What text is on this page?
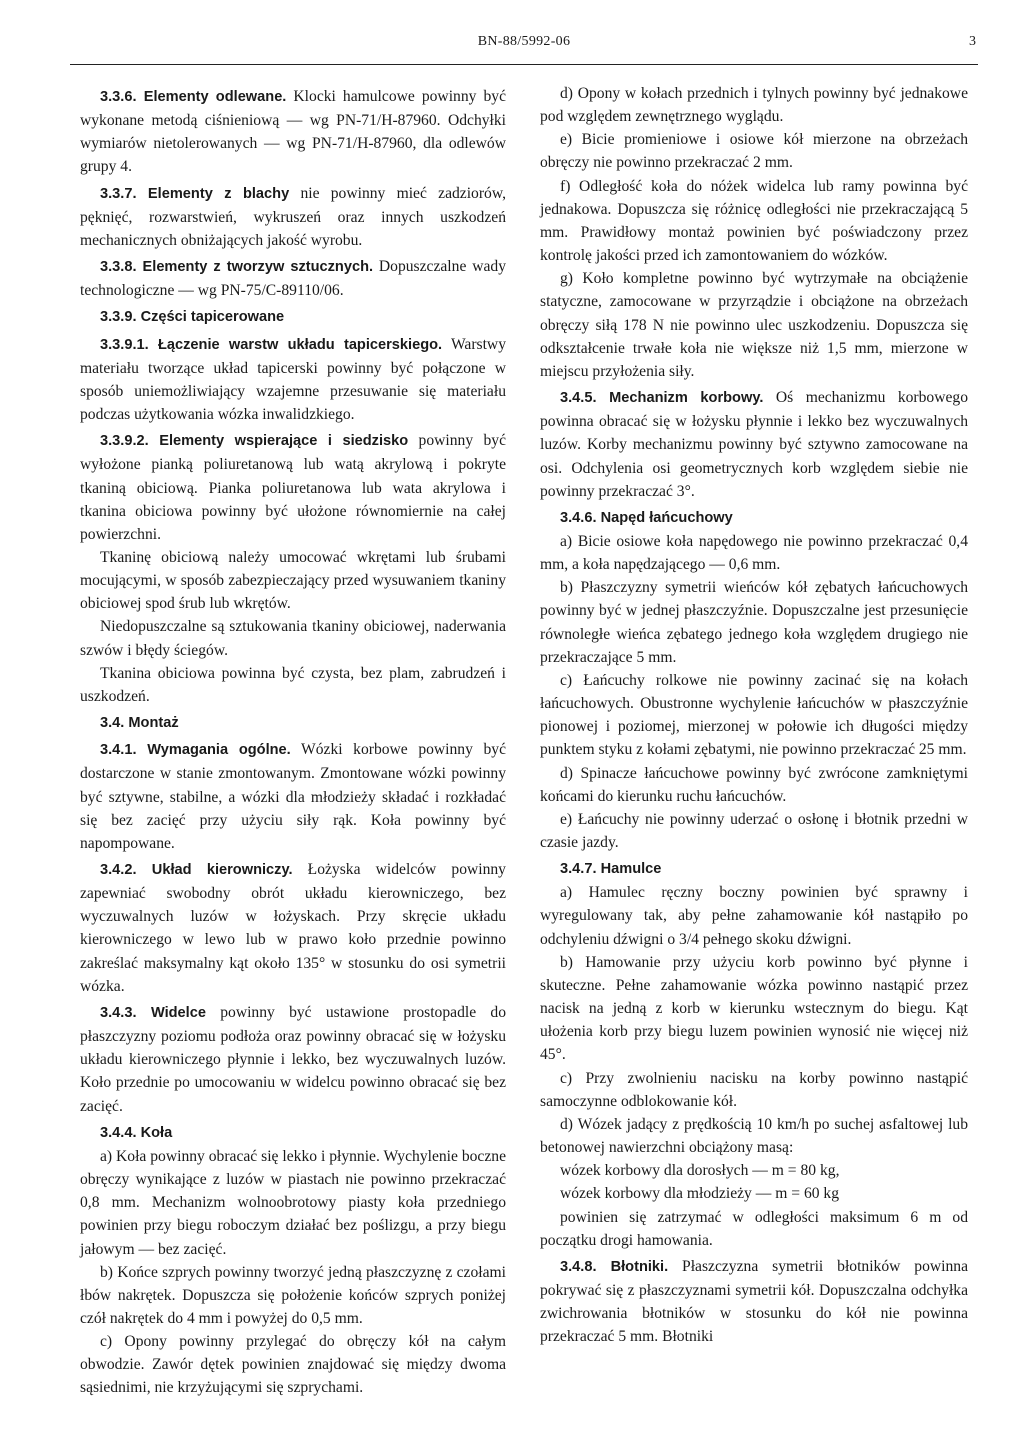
BN-88/5992-06	3

3.3.6. Elementy odlewane. Klocki hamulcowe powinny być wykonane metodą ciśnieniową — wg PN-71/H-87960. Odchyłki wymiarów nietolerowanych — wg PN-71/H-87960, dla odlewów grupy 4.

3.3.7. Elementy z blachy nie powinny mieć zadziorów, pęknięć, rozwarstwień, wykruszeń oraz innych uszkodzeń mechanicznych obniżających jakość wyrobu.

3.3.8. Elementy z tworzyw sztucznych. Dopuszczalne wady technologiczne — wg PN-75/C-89110/06.

3.3.9. Części tapicerowane

3.3.9.1. Łączenie warstw układu tapicerskiego. Warstwy materiału tworzące układ tapicerski powinny być połączone w sposób uniemożliwiający wzajemne przesuwanie się materiału podczas użytkowania wózka inwalidzkiego.

3.3.9.2. Elementy wspierające i siedzisko powinny być wyłożone pianką poliuretanową lub watą akrylową i pokryte tkaniną obiciową. Pianka poliuretanowa lub wata akrylowa i tkanina obiciowa powinny być ułożone równomiernie na całej powierzchni.

Tkaninę obiciową należy umocować wkrętami lub śrubami mocującymi, w sposób zabezpieczający przed wysuwaniem tkaniny obiciowej spod śrub lub wkrętów.

Niedopuszczalne są sztukowania tkaniny obiciowej, naderwania szwów i błędy ściegów.

Tkanina obiciowa powinna być czysta, bez plam, zabrudzeń i uszkodzeń.

3.4. Montaż

3.4.1. Wymagania ogólne. Wózki korbowe powinny być dostarczone w stanie zmontowanym. Zmontowane wózki powinny być sztywne, stabilne, a wózki dla młodzieży składać i rozkładać się bez zacięć przy użyciu siły rąk. Koła powinny być napompowane.

3.4.2. Układ kierowniczy. Łożyska widelców powinny zapewniać swobodny obrót układu kierowniczego, bez wyczuwalnych luzów w łożyskach. Przy skręcie układu kierowniczego w lewo lub w prawo koło przednie powinno zakreślać maksymalny kąt około 135° w stosunku do osi symetrii wózka.

3.4.3. Widelce powinny być ustawione prostopadle do płaszczyzny poziomu podłoża oraz powinny obracać się w łożysku układu kierowniczego płynnie i lekko, bez wyczuwalnych luzów. Koło przednie po umocowaniu w widelcu powinno obracać się bez zacięć.

3.4.4. Koła

a) Koła powinny obracać się lekko i płynnie. Wychylenie boczne obręczy wynikające z luzów w piastach nie powinno przekraczać 0,8 mm. Mechanizm wolnoobrotowy piasty koła przedniego powinien przy biegu roboczym działać bez poślizgu, a przy biegu jałowym — bez zacięć.

b) Końce szprych powinny tworzyć jedną płaszczyznę z czołami łbów nakrętek. Dopuszcza się położenie końców szprych poniżej czół nakrętek do 4 mm i powyżej do 0,5 mm.

c) Opony powinny przylegać do obręczy kół na całym obwodzie. Zawór dętek powinien znajdować się między dwoma sąsiednimi, nie krzyżującymi się szprychami.

d) Opony w kołach przednich i tylnych powinny być jednakowe pod względem zewnętrznego wyglądu.

e) Bicie promieniowe i osiowe kół mierzone na obrzeżach obręczy nie powinno przekraczać 2 mm.

f) Odległość koła do nóżek widelca lub ramy powinna być jednakowa. Dopuszcza się różnicę odległości nie przekraczającą 5 mm. Prawidłowy montaż powinien być poświadczony przez kontrolę jakości przed ich zamontowaniem do wózków.

g) Koło kompletne powinno być wytrzymałe na obciążenie statyczne, zamocowane w przyrządzie i obciążone na obrzeżach obręczy siłą 178 N nie powinno ulec uszkodzeniu. Dopuszcza się odkształcenie trwałe koła nie większe niż 1,5 mm, mierzone w miejscu przyłożenia siły.

3.4.5. Mechanizm korbowy. Oś mechanizmu korbowego powinna obracać się w łożysku płynnie i lekko bez wyczuwalnych luzów. Korby mechanizmu powinny być sztywno zamocowane na osi. Odchylenia osi geometrycznych korb względem siebie nie powinny przekraczać 3°.

3.4.6. Napęd łańcuchowy

a) Bicie osiowe koła napędowego nie powinno przekraczać 0,4 mm, a koła napędzającego — 0,6 mm.

b) Płaszczyzny symetrii wieńców kół zębatych łańcuchowych powinny być w jednej płaszczyźnie. Dopuszczalne jest przesunięcie równoległe wieńca zębatego jednego koła względem drugiego nie przekraczające 5 mm.

c) Łańcuchy rolkowe nie powinny zacinać się na kołach łańcuchowych. Obustronne wychylenie łańcuchów w płaszczyźnie pionowej i poziomej, mierzonej w połowie ich długości między punktem styku z kołami zębatymi, nie powinno przekraczać 25 mm.

d) Spinacze łańcuchowe powinny być zwrócone zamkniętymi końcami do kierunku ruchu łańcuchów.

e) Łańcuchy nie powinny uderzać o osłonę i błotnik przedni w czasie jazdy.

3.4.7. Hamulce

a) Hamulec ręczny boczny powinien być sprawny i wyregulowany tak, aby pełne zahamowanie kół nastąpiło po odchyleniu dźwigni o 3/4 pełnego skoku dźwigni.

b) Hamowanie przy użyciu korb powinno być płynne i skuteczne. Pełne zahamowanie wózka powinno nastąpić przez nacisk na jedną z korb w kierunku wstecznym do biegu. Kąt ułożenia korb przy biegu luzem powinien wynosić nie więcej niż 45°.

c) Przy zwolnieniu nacisku na korby powinno nastąpić samoczynne odblokowanie kół.

d) Wózek jadący z prędkością 10 km/h po suchej asfaltowej lub betonowej nawierzchni obciążony masą:

wózek korbowy dla dorosłych — m = 80 kg,

wózek korbowy dla młodzieży — m = 60 kg

powinien się zatrzymać w odległości maksimum 6 m od początku drogi hamowania.

3.4.8. Błotniki. Płaszczyzna symetrii błotników powinna pokrywać się z płaszczyznami symetrii kół. Dopuszczalna odchyłka zwichrowania błotników w stosunku do kół nie powinna przekraczać 5 mm. Błotniki
